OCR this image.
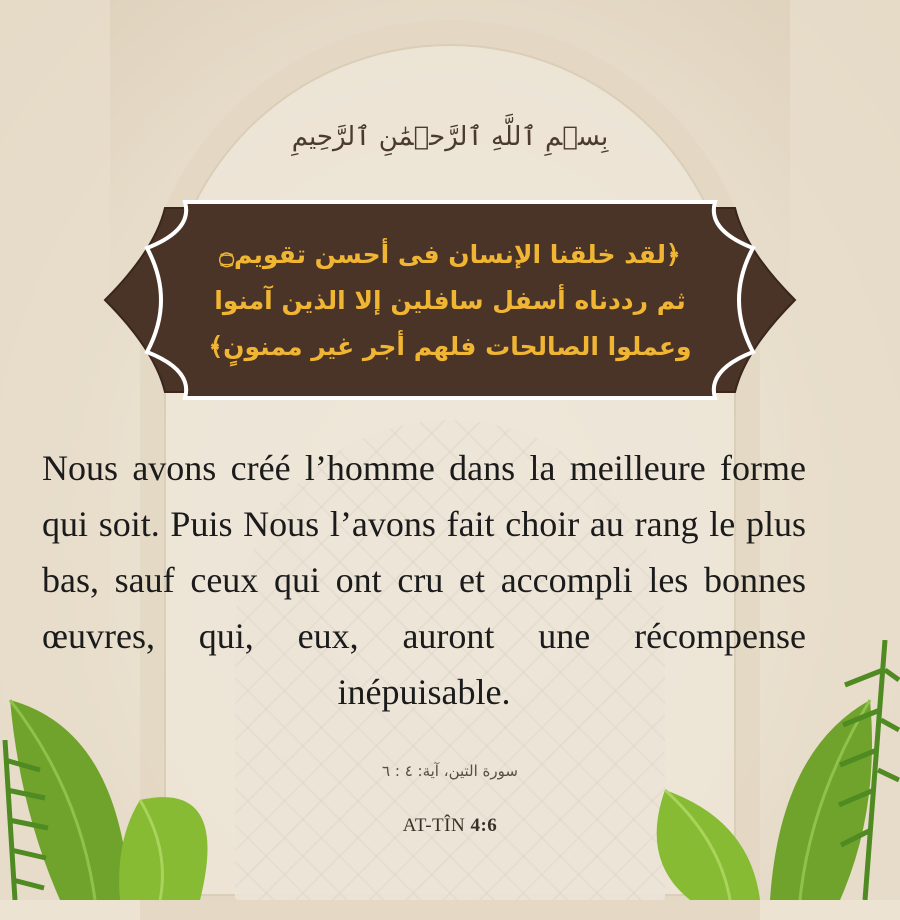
بِسۡمِ ٱللَّهِ ٱلرَّحۡمَٰنِ ٱلرَّحِيمِ
﴿لقد خلقنا الإنسان فى أحسن تقويم۝ ثم رددناه أسفل سافلين إلا الذين آمنوا وعملوا الصالحات فلهم أجر غير ممنونٍ﴾
Nous avons créé l’homme dans la meilleure forme qui soit. Puis Nous l’avons fait choir au rang le plus bas, sauf ceux qui ont cru et accompli les bonnes œuvres, qui, eux, auront une récompense inépuisable.
سورة التين، آية: ٤ : ٦
AT-TÎN 4:6
